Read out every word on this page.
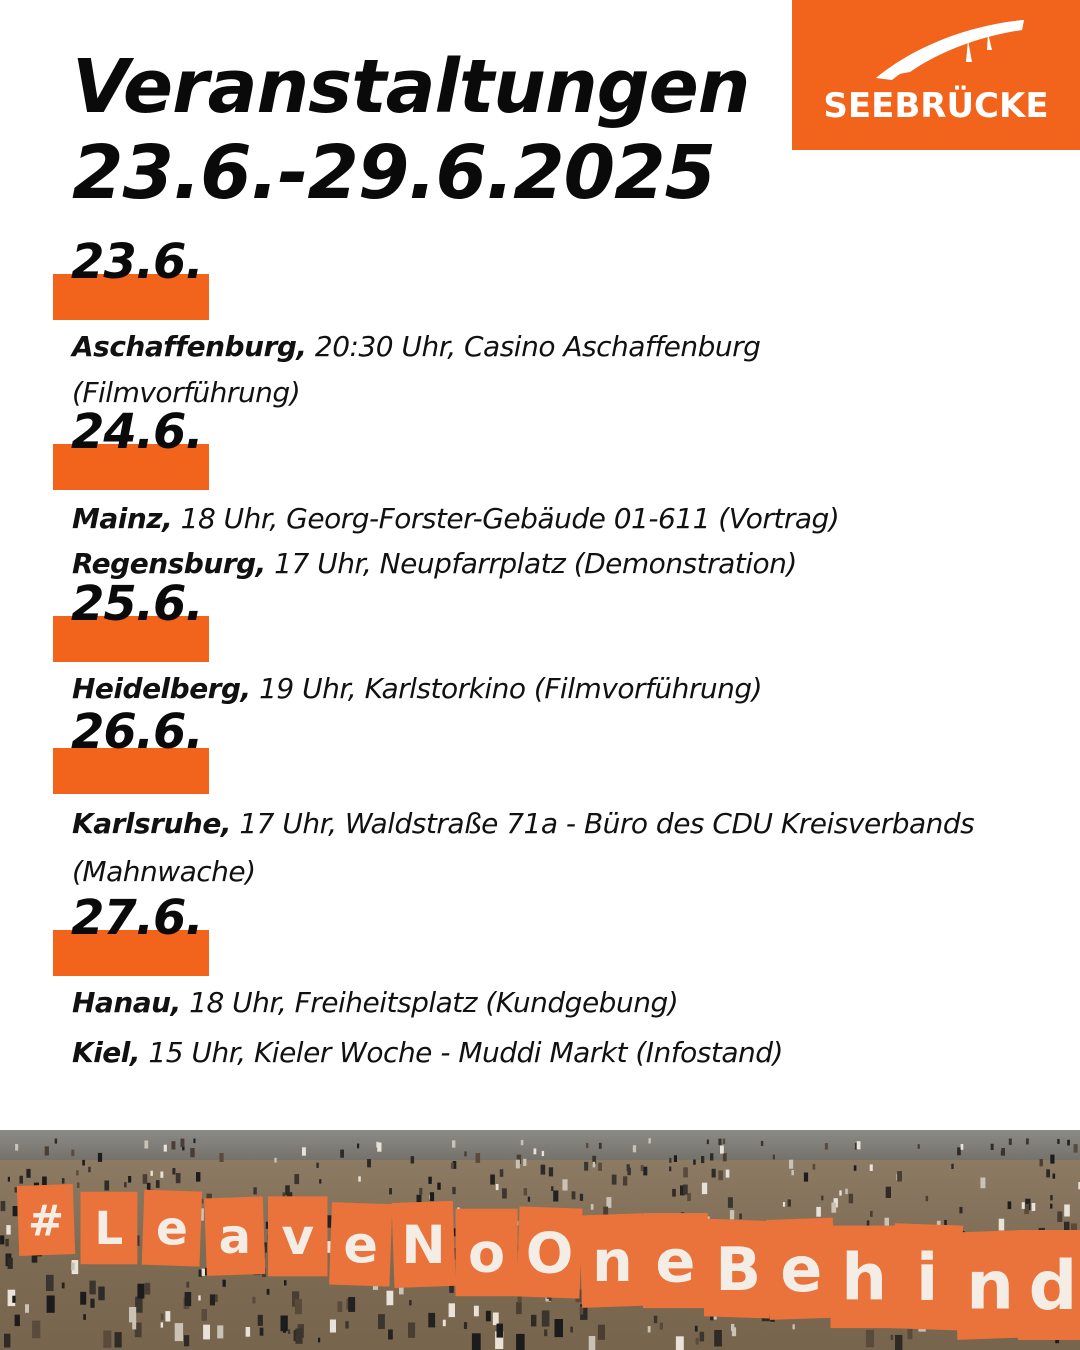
Veranstaltungen
23.6.-29.6.2025
SEEBRÜCKE
23.6.
Aschaffenburg, 20:30 Uhr, Casino Aschaffenburg (Filmvorführung)
24.6.
Mainz, 18 Uhr, Georg-Forster-Gebäude 01-611 (Vortrag)
Regensburg, 17 Uhr, Neupfarrplatz (Demonstration)
25.6.
Heidelberg, 19 Uhr, Karlstorkino (Filmvorführung)
26.6.
Karlsruhe, 17 Uhr, Waldstraße 71a - Büro des CDU Kreisverbands (Mahnwache)
27.6.
Hanau, 18 Uhr, Freiheitsplatz (Kundgebung)
Kiel, 15 Uhr, Kieler Woche - Muddi Markt (Infostand)
# L e a v e N o O n e B e h i n d
